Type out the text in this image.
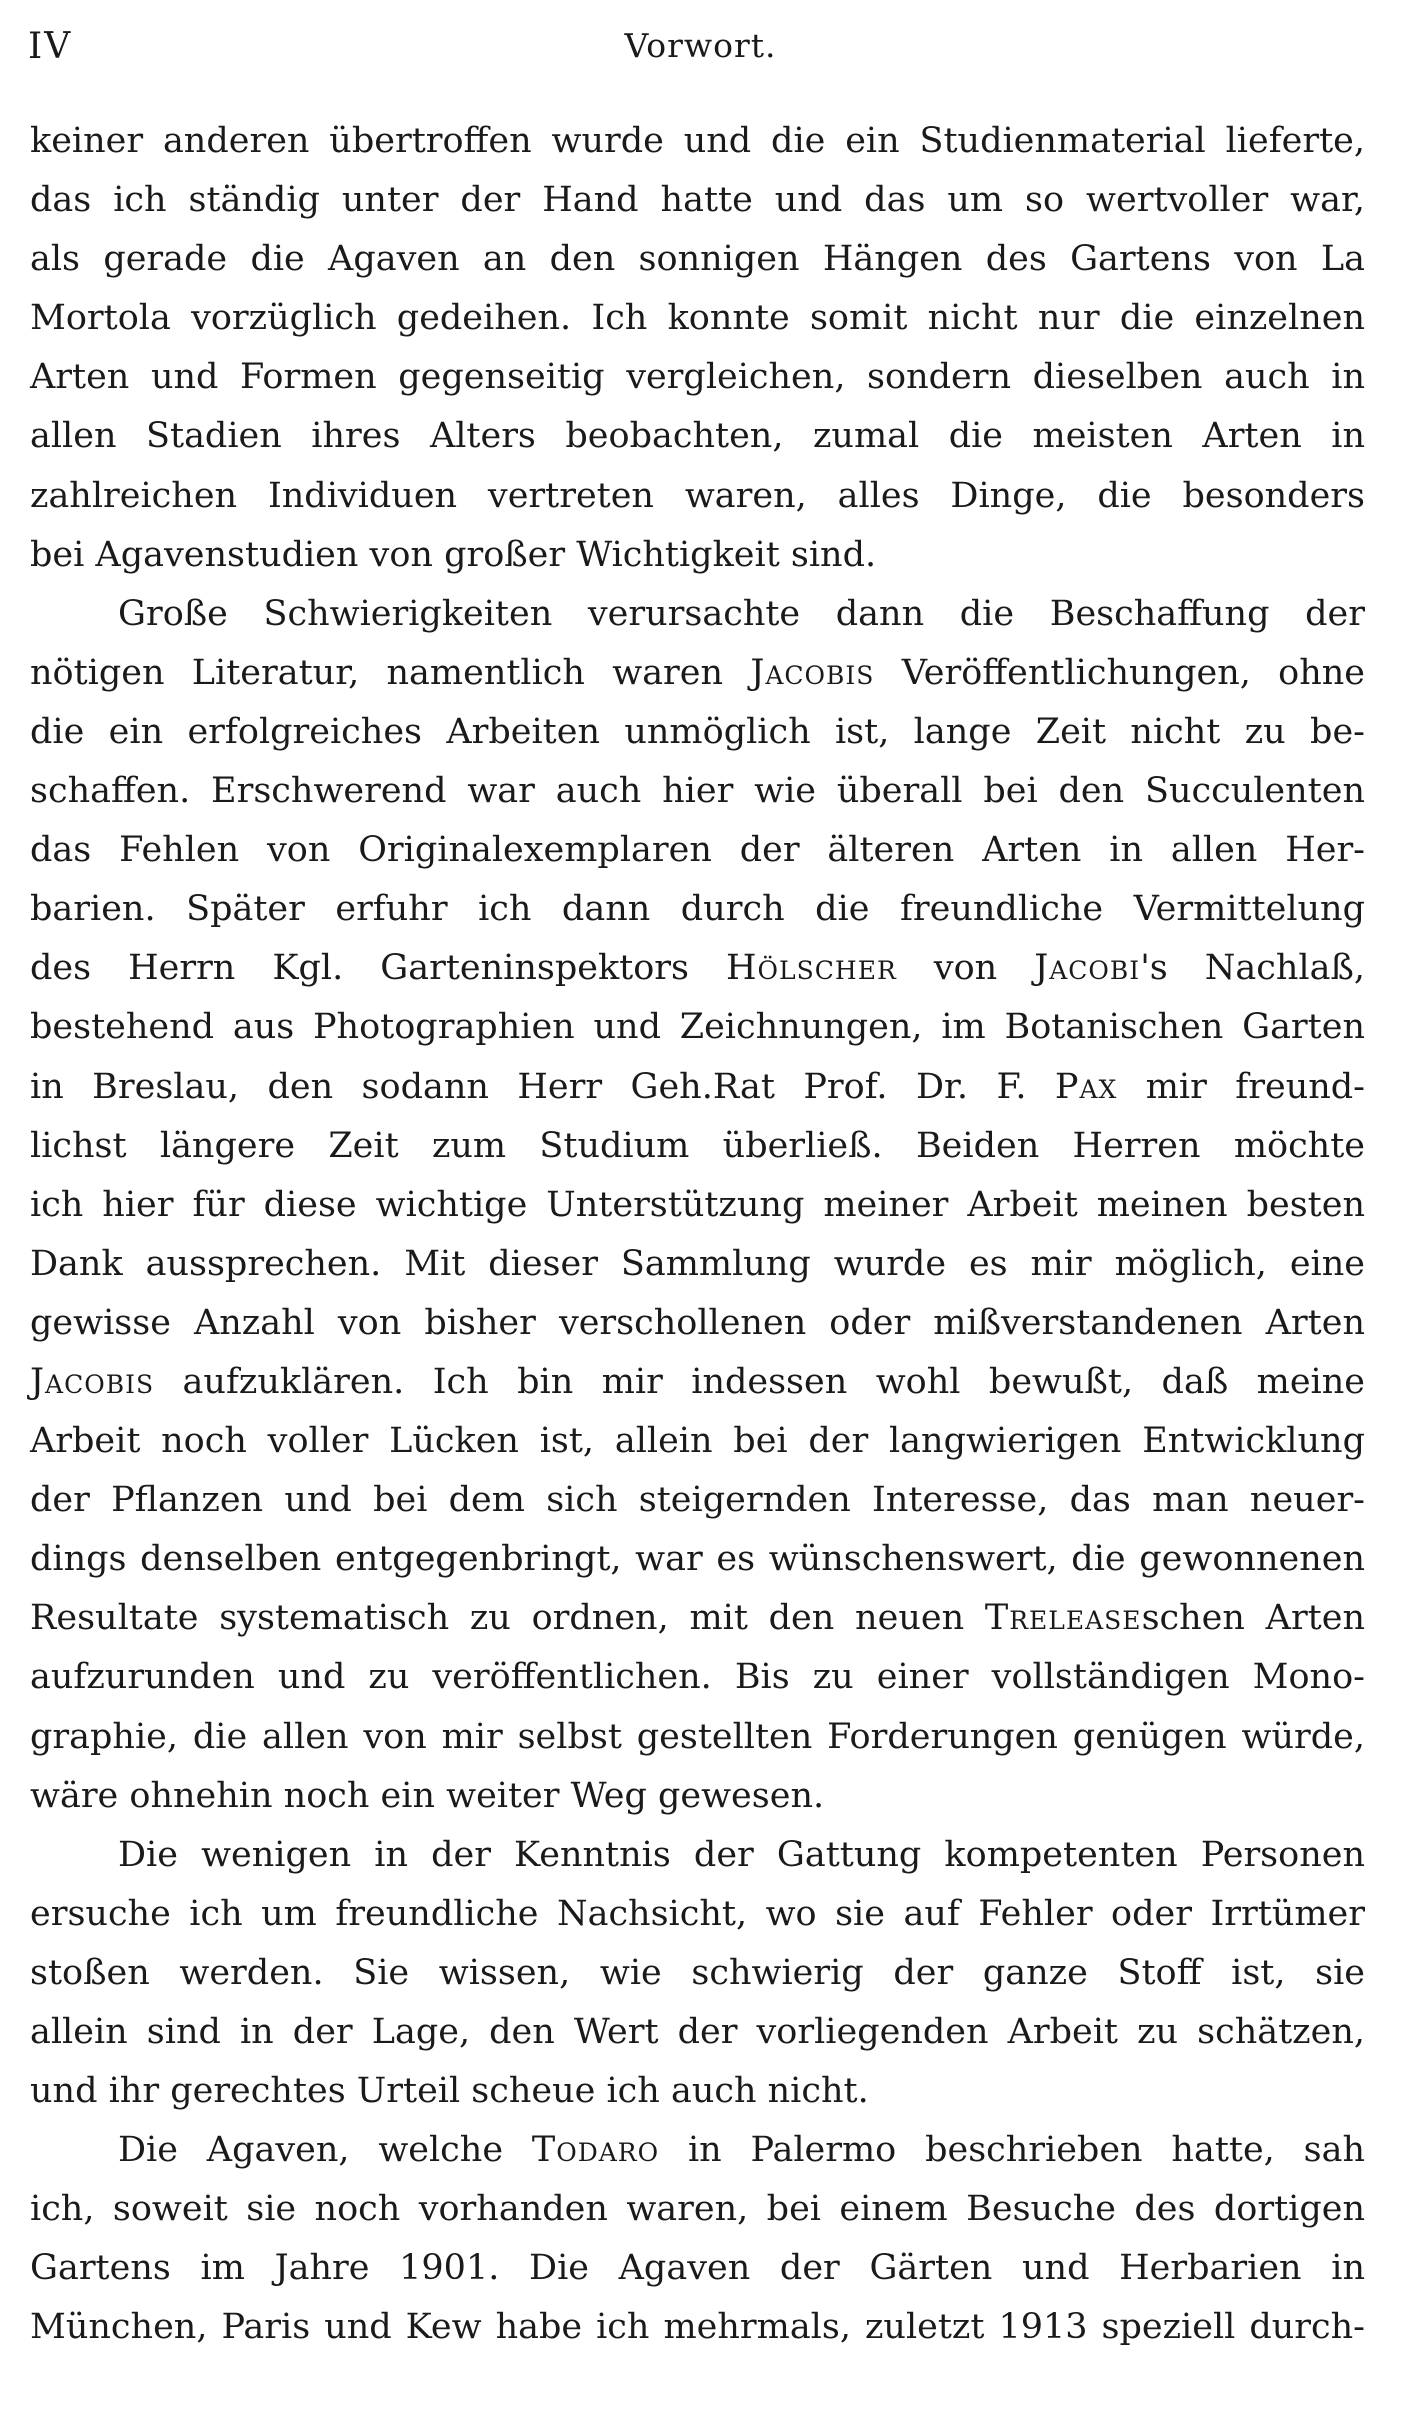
IV	Vorwort.
keiner anderen übertroffen wurde und die ein Studienmaterial lieferte,
das ich ständig unter der Hand hatte und das um so wertvoller war,
als gerade die Agaven an den sonnigen Hängen des Gartens von La
Mortola vorzüglich gedeihen. Ich konnte somit nicht nur die einzelnen
Arten und Formen gegenseitig vergleichen, sondern dieselben auch in
allen Stadien ihres Alters beobachten, zumal die meisten Arten in
zahlreichen Individuen vertreten waren, alles Dinge, die besonders
bei Agavenstudien von großer Wichtigkeit sind.
Große Schwierigkeiten verursachte dann die Beschaffung der
nötigen Literatur, namentlich waren Jacobis Veröffentlichungen, ohne
die ein erfolgreiches Arbeiten unmöglich ist, lange Zeit nicht zu be-
schaffen. Erschwerend war auch hier wie überall bei den Succulenten
das Fehlen von Originalexemplaren der älteren Arten in allen Her-
barien. Später erfuhr ich dann durch die freundliche Vermittelung
des Herrn Kgl. Garteninspektors Hölscher von Jacobi's Nachlaß,
bestehend aus Photographien und Zeichnungen, im Botanischen Garten
in Breslau, den sodann Herr Geh.Rat Prof. Dr. F. Pax mir freund-
lichst längere Zeit zum Studium überließ. Beiden Herren möchte
ich hier für diese wichtige Unterstützung meiner Arbeit meinen besten
Dank aussprechen. Mit dieser Sammlung wurde es mir möglich, eine
gewisse Anzahl von bisher verschollenen oder mißverstandenen Arten
Jacobis aufzuklären. Ich bin mir indessen wohl bewußt, daß meine
Arbeit noch voller Lücken ist, allein bei der langwierigen Entwicklung
der Pflanzen und bei dem sich steigernden Interesse, das man neuer-
dings denselben entgegenbringt, war es wünschenswert, die gewonnenen
Resultate systematisch zu ordnen, mit den neuen Treleaseschen Arten
aufzurunden und zu veröffentlichen. Bis zu einer vollständigen Mono-
graphie, die allen von mir selbst gestellten Forderungen genügen würde,
wäre ohnehin noch ein weiter Weg gewesen.
Die wenigen in der Kenntnis der Gattung kompetenten Personen
ersuche ich um freundliche Nachsicht, wo sie auf Fehler oder Irrtümer
stoßen werden. Sie wissen, wie schwierig der ganze Stoff ist, sie
allein sind in der Lage, den Wert der vorliegenden Arbeit zu schätzen,
und ihr gerechtes Urteil scheue ich auch nicht.
Die Agaven, welche Todaro in Palermo beschrieben hatte, sah
ich, soweit sie noch vorhanden waren, bei einem Besuche des dortigen
Gartens im Jahre 1901. Die Agaven der Gärten und Herbarien in
München, Paris und Kew habe ich mehrmals, zuletzt 1913 speziell durch-
